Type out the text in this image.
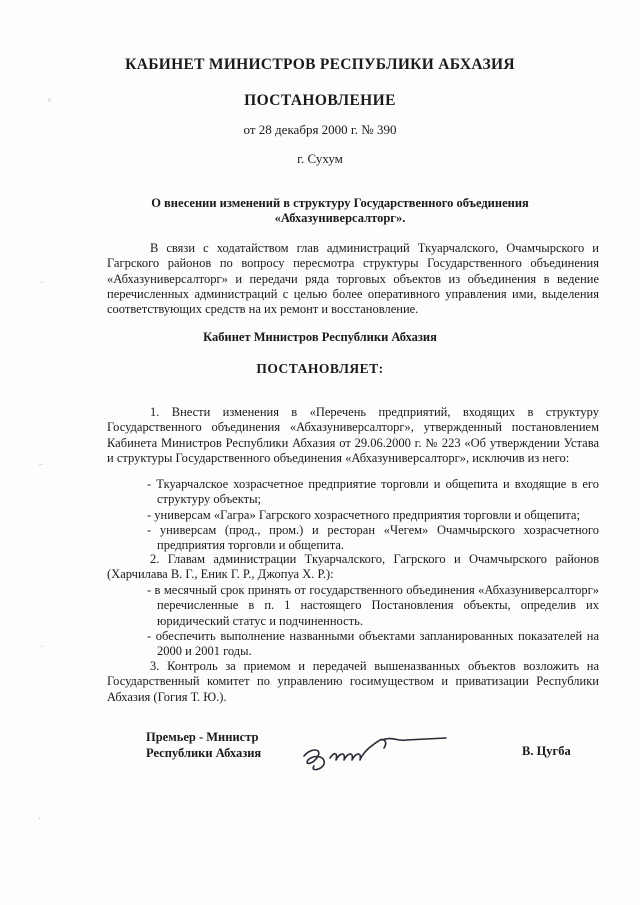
КАБИНЕТ МИНИСТРОВ РЕСПУБЛИКИ АБХАЗИЯ
ПОСТАНОВЛЕНИЕ
от 28 декабря 2000 г. № 390
г. Сухум
О внесении изменений в структуру Государственного объединения «Абхазуниверсалторг».
В связи с ходатайством глав администраций Ткуарчалского, Очамчырского и Гагрского районов по вопросу пересмотра структуры Государственного объединения «Абхазуниверсалторг» и передачи ряда торговых объектов из объединения в ведение перечисленных администраций с целью более оперативного управления ими, выделения соответствующих средств на их ремонт и восстановление.
Кабинет Министров Республики Абхазия
ПОСТАНОВЛЯЕТ:
1. Внести изменения в «Перечень предприятий, входящих в структуру Государственного объединения «Абхазуниверсалторг», утвержденный постановлением Кабинета Министров Республики Абхазия от 29.06.2000 г. № 223 «Об утверждении Устава и структуры Государственного объединения «Абхазуниверсалторг», исключив из него:
- Ткуарчалское хозрасчетное предприятие торговли и общепита и входящие в его структуру объекты;
- универсам «Гагра» Гагрского хозрасчетного предприятия торговли и общепита;
- универсам (прод., пром.) и ресторан «Чегем» Очамчырского хозрасчетного предприятия торговли и общепита.
2. Главам администрации Ткуарчалского, Гагрского и Очамчырского районов (Харчилава В. Г., Еник Г. Р., Джопуа Х. Р.):
- в месячный срок принять от государственного объединения «Абхазуниверсалторг» перечисленные в п. 1 настоящего Постановления объекты, определив их юридический статус и подчиненность.
- обеспечить выполнение названными объектами запланированных показателей на 2000 и 2001 годы.
3. Контроль за приемом и передачей вышеназванных объектов возложить на Государственный комитет по управлению госимуществом и приватизации Республики Абхазия (Гогия Т. Ю.).
Премьер - Министр
Республики Абхазия	В. Цугба
ⁿ
·
⁻
·
·
